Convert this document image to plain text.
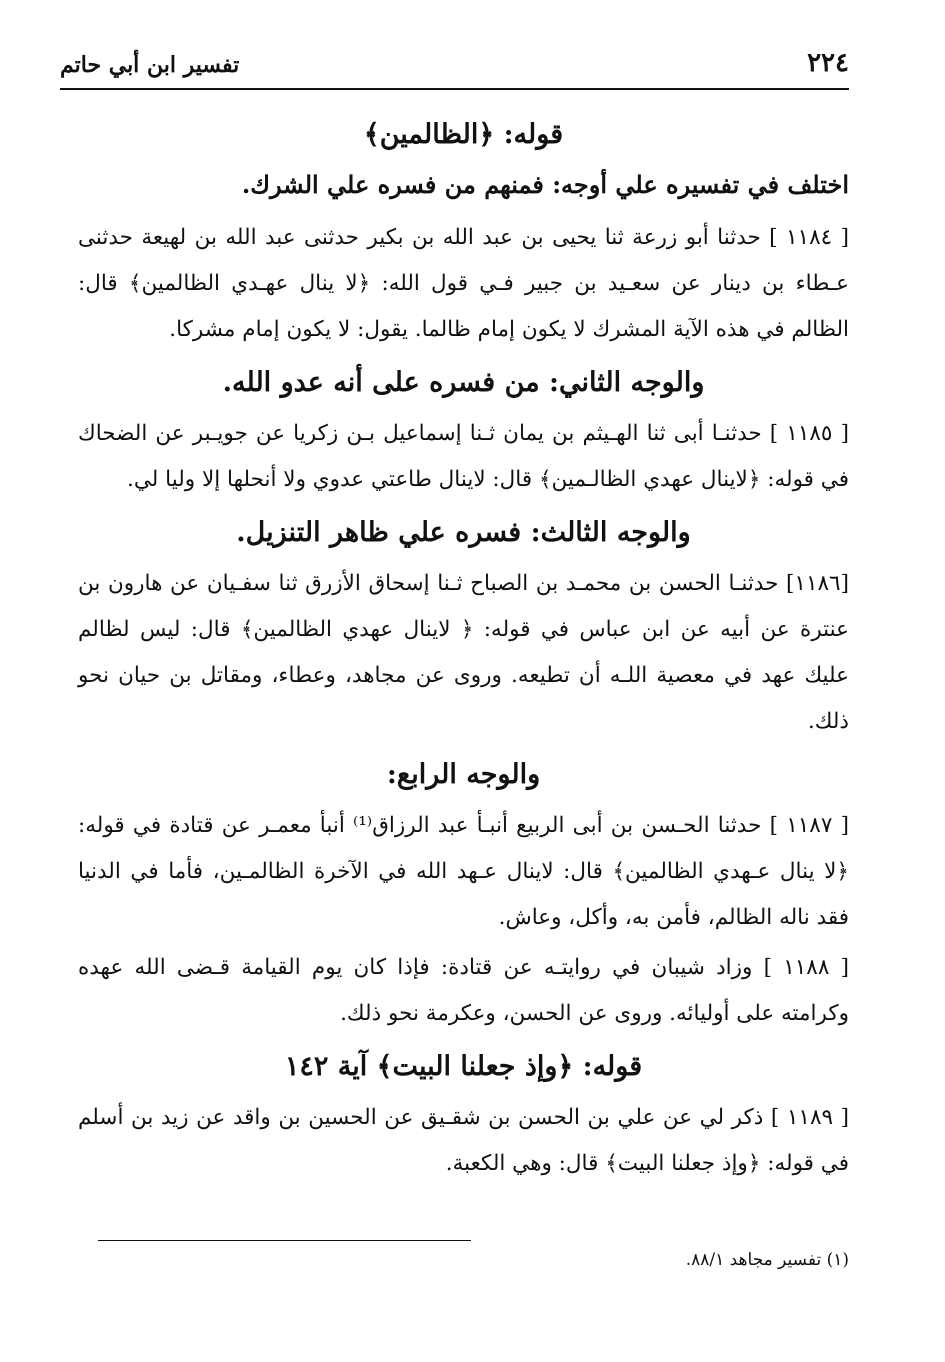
٢٢٤
تفسير ابن أبي حاتم
قوله: ﴿الظالمين﴾
اختلف في تفسيره علي أوجه: فمنهم من فسره علي الشرك.

[ ١١٨٤ ] حدثنا أبو زرعة ثنا يحيى بن عبد الله بن بكير حدثنى عبد الله بن لهيعة حدثنى عـطاء بن دينار عن سعـيد بن جبير فـي قول الله: ﴿لا ينال عهـدي الظالمين﴾ قال: الظالم في هذه الآية المشرك لا يكون إمام ظالما. يقول: لا يكون إمام مشركا.

والوجه الثاني: من فسره على أنه عدو الله.

[ ١١٨٥ ] حدثنـا أبى ثنا الهـيثم بن يمان ثـنا إسماعيل بـن زكريا عن جويـبر عن الضحاك في قوله: ﴿لاينال عهدي الظالـمين﴾ قال: لاينال طاعتي عدوي ولا أنحلها إلا وليا لي.

والوجه الثالث: فسره علي ظاهر التنزيل.

[١١٨٦] حدثنـا الحسن بن محمـد بن الصباح ثـنا إسحاق الأزرق ثنا سفـيان عن هارون بن عنترة عن أبيه عن ابن عباس في قوله: ﴿ لاينال عهدي الظالمين﴾ قال: ليس لظالم عليك عهد في معصية اللـه أن تطيعه. وروى عن مجاهد، وعطاء، ومقاتل بن حيان نحو ذلك.

والوجه الرابع:

[ ١١٨٧ ] حدثنا الحـسن بن أبى الربيع أنبـأ عبد الرزاق⁽¹⁾ أنبأ معمـر عن قتادة في قوله: ﴿لا ينال عـهدي الظالمين﴾ قال: لاينال عـهد الله في الآخرة الظالمـين، فأما في الدنيا فقد ناله الظالم، فأمن به، وأكل، وعاش.

[ ١١٨٨ ] وزاد شيبان في روايتـه عن قتادة: فإذا كان يوم القيامة قـضى الله عهده وكرامته على أوليائه. وروى عن الحسن، وعكرمة نحو ذلك.

قوله: ﴿وإذ جعلنا البيت﴾ آية ١٤٢

[ ١١٨٩ ] ذكر لي عن علي بن الحسن بن شقـيق عن الحسين بن واقد عن زيد بن أسلم في قوله: ﴿وإذ جعلنا البيت﴾ قال: وهي الكعبة.

(١) تفسير مجاهد ٨٨/١.
